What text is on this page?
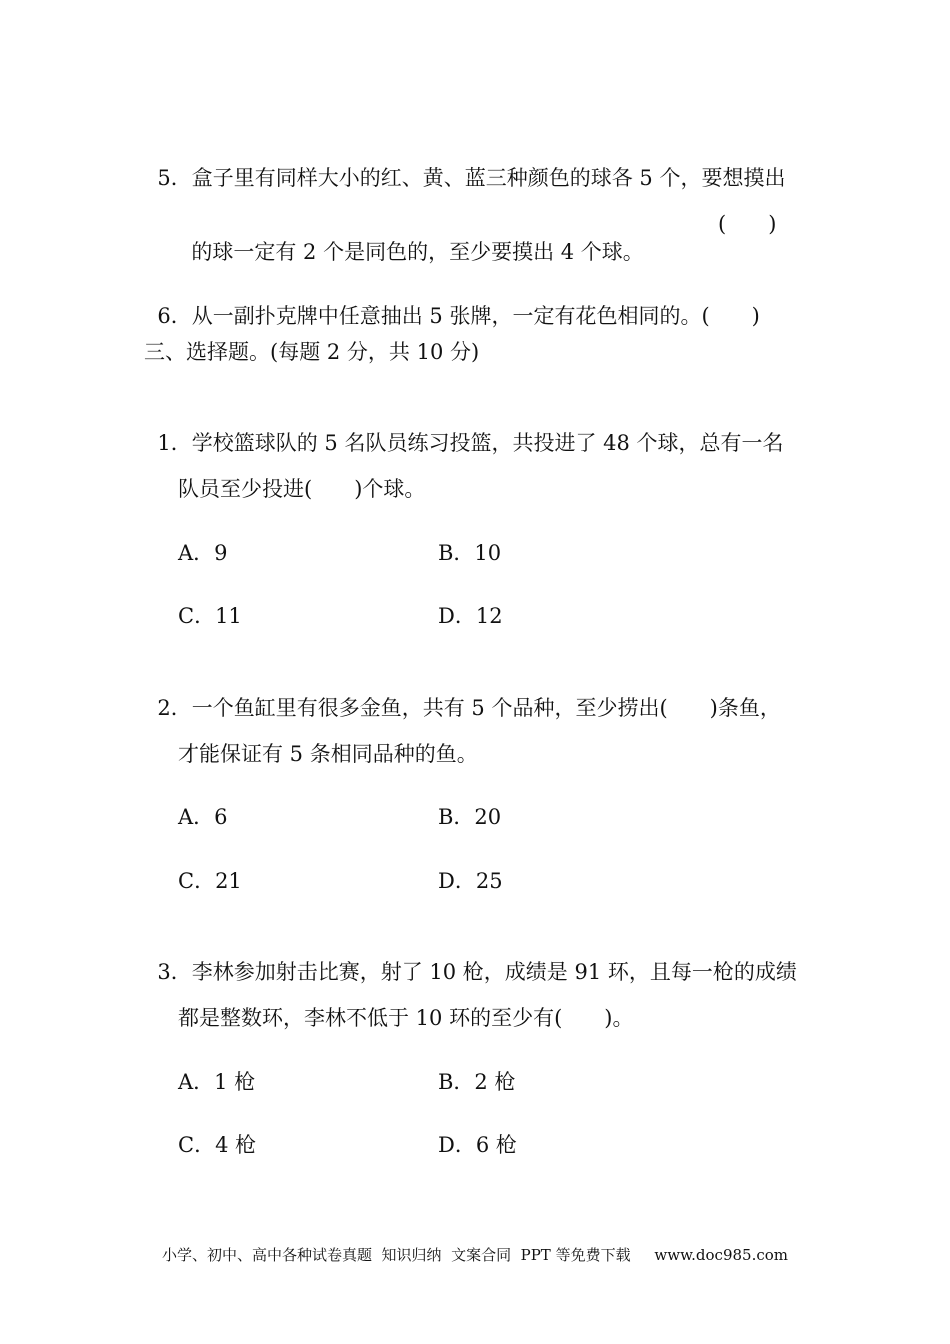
5．盒子里有同样大小的红、黄、蓝三种颜色的球各 5 个，要想摸出

的球一定有 2 个是同色的，至少要摸出 4 个球。

(　　)

6．从一副扑克牌中任意抽出 5 张牌，一定有花色相同的。(　　)

三、选择题。(每题 2 分，共 10 分)

1．学校篮球队的 5 名队员练习投篮，共投进了 48 个球，总有一名

队员至少投进(　　)个球。
A．9	B．10
C．11	D．12

2．一个鱼缸里有很多金鱼，共有 5 个品种，至少捞出(　　)条鱼，

才能保证有 5 条相同品种的鱼。
A．6	B．20
C．21	D．25

3．李林参加射击比赛，射了 10 枪，成绩是 91 环，且每一枪的成绩

都是整数环，李林不低于 10 环的至少有(　　)。
A．1 枪	B．2 枪
C．4 枪	D．6 枪
小学、初中、高中各种试卷真题  知识归纳  文案合同  PPT 等免费下载     www.doc985.com
